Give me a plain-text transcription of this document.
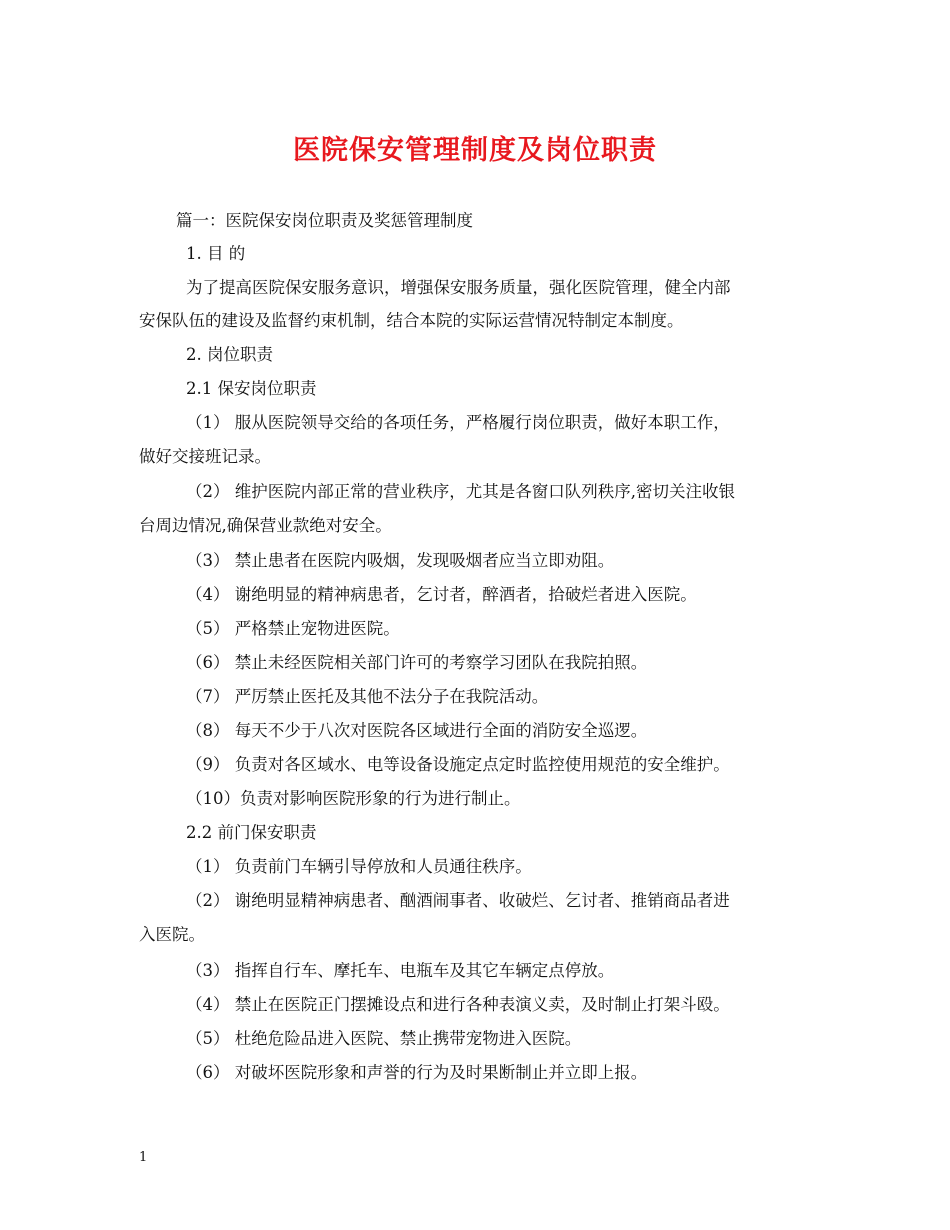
医院保安管理制度及岗位职责
篇一：医院保安岗位职责及奖惩管理制度
1. 目 的
为了提高医院保安服务意识，增强保安服务质量，强化医院管理，健全内部
安保队伍的建设及监督约束机制，结合本院的实际运营情况特制定本制度。
2. 岗位职责
2.1 保安岗位职责
（1） 服从医院领导交给的各项任务，严格履行岗位职责，做好本职工作，
做好交接班记录。
（2） 维护医院内部正常的营业秩序，尤其是各窗口队列秩序,密切关注收银
台周边情况,确保营业款绝对安全。
（3） 禁止患者在医院内吸烟，发现吸烟者应当立即劝阻。
（4） 谢绝明显的精神病患者，乞讨者，醉酒者，拾破烂者进入医院。
（5） 严格禁止宠物进医院。
（6） 禁止未经医院相关部门许可的考察学习团队在我院拍照。
（7） 严厉禁止医托及其他不法分子在我院活动。
（8） 每天不少于八次对医院各区域进行全面的消防安全巡逻。
（9） 负责对各区域水、电等设备设施定点定时监控使用规范的安全维护。
（10）负责对影响医院形象的行为进行制止。
2.2 前门保安职责
（1） 负责前门车辆引导停放和人员通往秩序。
（2） 谢绝明显精神病患者、酗酒闹事者、收破烂、乞讨者、推销商品者进
入医院。
（3） 指挥自行车、摩托车、电瓶车及其它车辆定点停放。
（4） 禁止在医院正门摆摊设点和进行各种表演义卖，及时制止打架斗殴。
（5） 杜绝危险品进入医院、禁止携带宠物进入医院。
（6） 对破坏医院形象和声誉的行为及时果断制止并立即上报。
1
